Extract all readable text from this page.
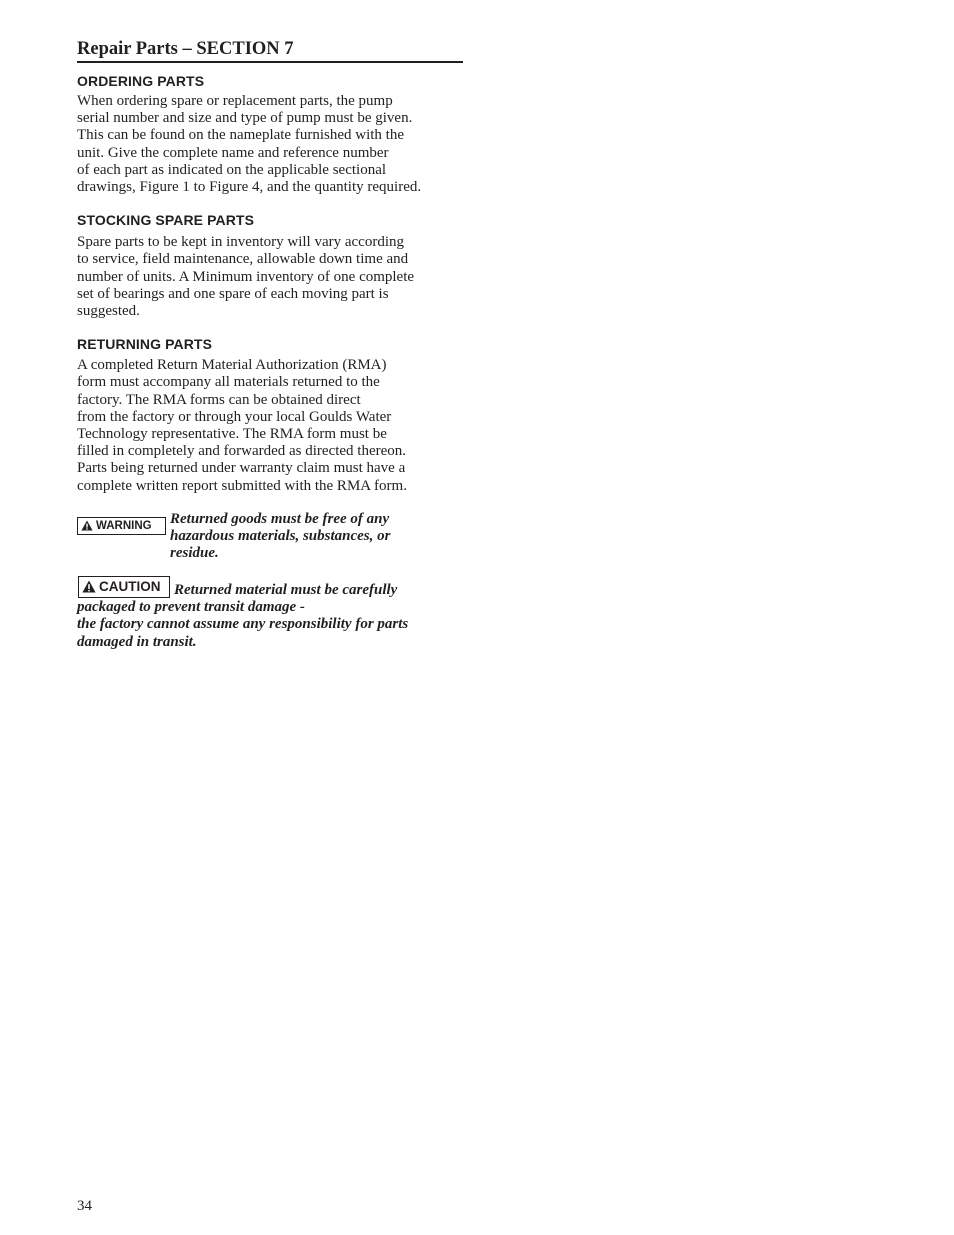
Repair Parts – SECTION 7
ORDERING PARTS

When ordering spare or replacement parts, the pump
serial number and size and type of pump must be given.
This can be found on the nameplate furnished with the
unit. Give the complete name and reference number
of each part as indicated on the applicable sectional
drawings, Figure 1 to Figure 4, and the quantity required.

STOCKING SPARE PARTS

Spare parts to be kept in inventory will vary according
to service, field maintenance, allowable down time and
number of units. A Minimum inventory of one complete
set of bearings and one spare of each moving part is
suggested.

RETURNING PARTS

A completed Return Material Authorization (RMA)
form must accompany all materials returned to the
factory. The RMA forms can be obtained direct
from the factory or through your local Goulds Water
Technology representative. The RMA form must be
filled in completely and forwarded as directed thereon.
Parts being returned under warranty claim must have a
complete written report submitted with the RMA form.

WARNING Returned goods must be free of any
hazardous materials, substances, or
residue.

CAUTION Returned material must be carefully
packaged to prevent transit damage -
the factory cannot assume any responsibility for parts
damaged in transit.

34
